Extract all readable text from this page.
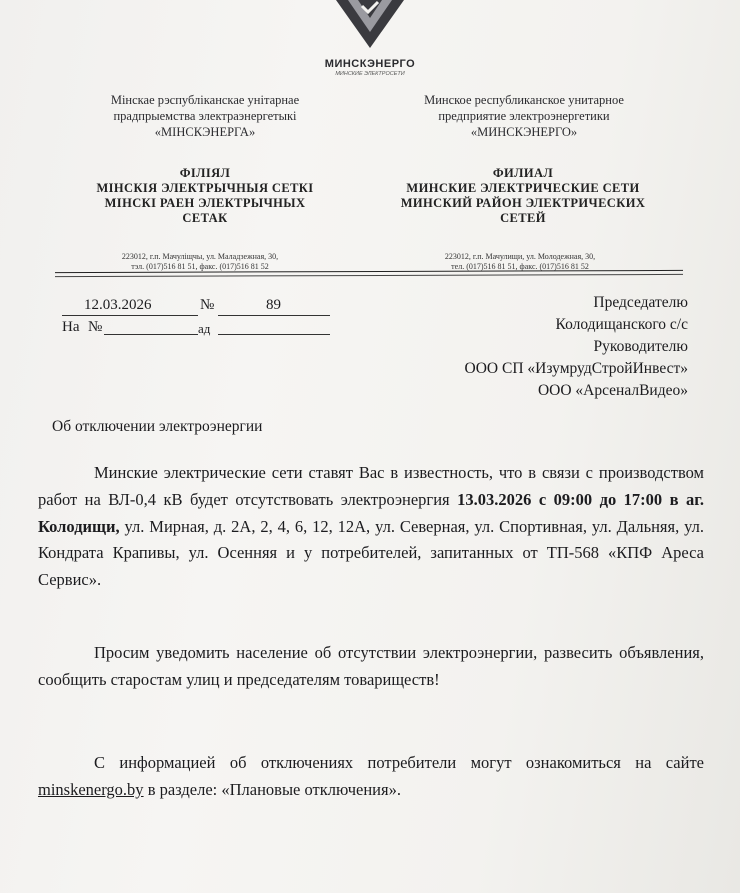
МИНСКЭНЕРГО
МИНСКИЕ ЭЛЕКТРОСЕТИ
Мінскае рэспубліканскае унітарнае
прадпрыемства электраэнергетыкі
«МІНСКЭНЕРГА»
Минское республиканское унитарное
предприятие электроэнергетики
«МИНСКЭНЕРГО»
ФІЛІЯЛ
МІНСКІЯ ЭЛЕКТРЫЧНЫЯ СЕТКІ
МІНСКІ РАЕН ЭЛЕКТРЫЧНЫХ
СЕТАК
ФИЛИАЛ
МИНСКИЕ ЭЛЕКТРИЧЕСКИЕ СЕТИ
МИНСКИЙ РАЙОН ЭЛЕКТРИЧЕСКИХ
СЕТЕЙ
223012, г.п. Мачуліщчы, ул. Маладзежная, 30,
тэл. (017)516 81 51, факс. (017)516 81 52
223012, г.п. Мачулищи, ул. Молодежная, 30,
тел. (017)516 81 51, факс. (017)516 81 52
12.03.2026	№	89
На №	ад
Председателю
Колодищанского с/с
Руководителю
ООО СП «ИзумрудСтройИнвест»
ООО «АрсеналВидео»
Об отключении электроэнергии
Минские электрические сети ставят Вас в известность, что в связи с производством работ на ВЛ-0,4 кВ будет отсутствовать электроэнергия 13.03.2026 с 09:00 до 17:00 в аг. Колодищи, ул. Мирная, д. 2А, 2, 4, 6, 12, 12А, ул. Северная, ул. Спортивная, ул. Дальняя, ул. Кондрата Крапивы, ул. Осенняя и у потребителей, запитанных от ТП-568 «КПФ Ареса Сервис».
Просим уведомить население об отсутствии электроэнергии, развесить объявления, сообщить старостам улиц и председателям товариществ!
С информацией об отключениях потребители могут ознакомиться на сайте minskenergo.by в разделе: «Плановые отключения».
